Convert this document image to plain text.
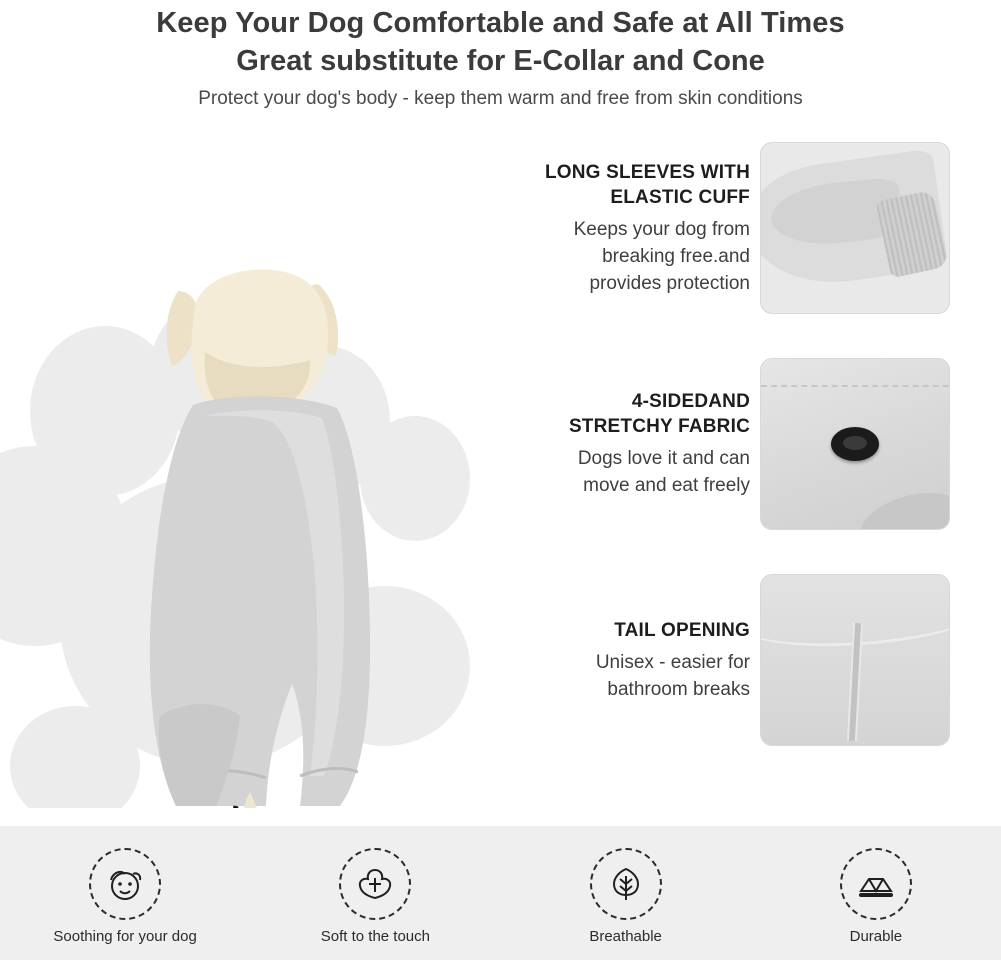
Keep Your Dog Comfortable and Safe at All Times
Great substitute for E-Collar and Cone
Protect your dog's body - keep them warm and free from skin conditions
LONG SLEEVES WITH
ELASTIC CUFF
Keeps your dog from
breaking free.and
provides protection
4-SIDEDAND
STRETCHY FABRIC
Dogs love it and can
move and eat freely
TAIL OPENING
Unisex - easier for
bathroom breaks
Soothing for your dog	Soft to the touch	Breathable	Durable
